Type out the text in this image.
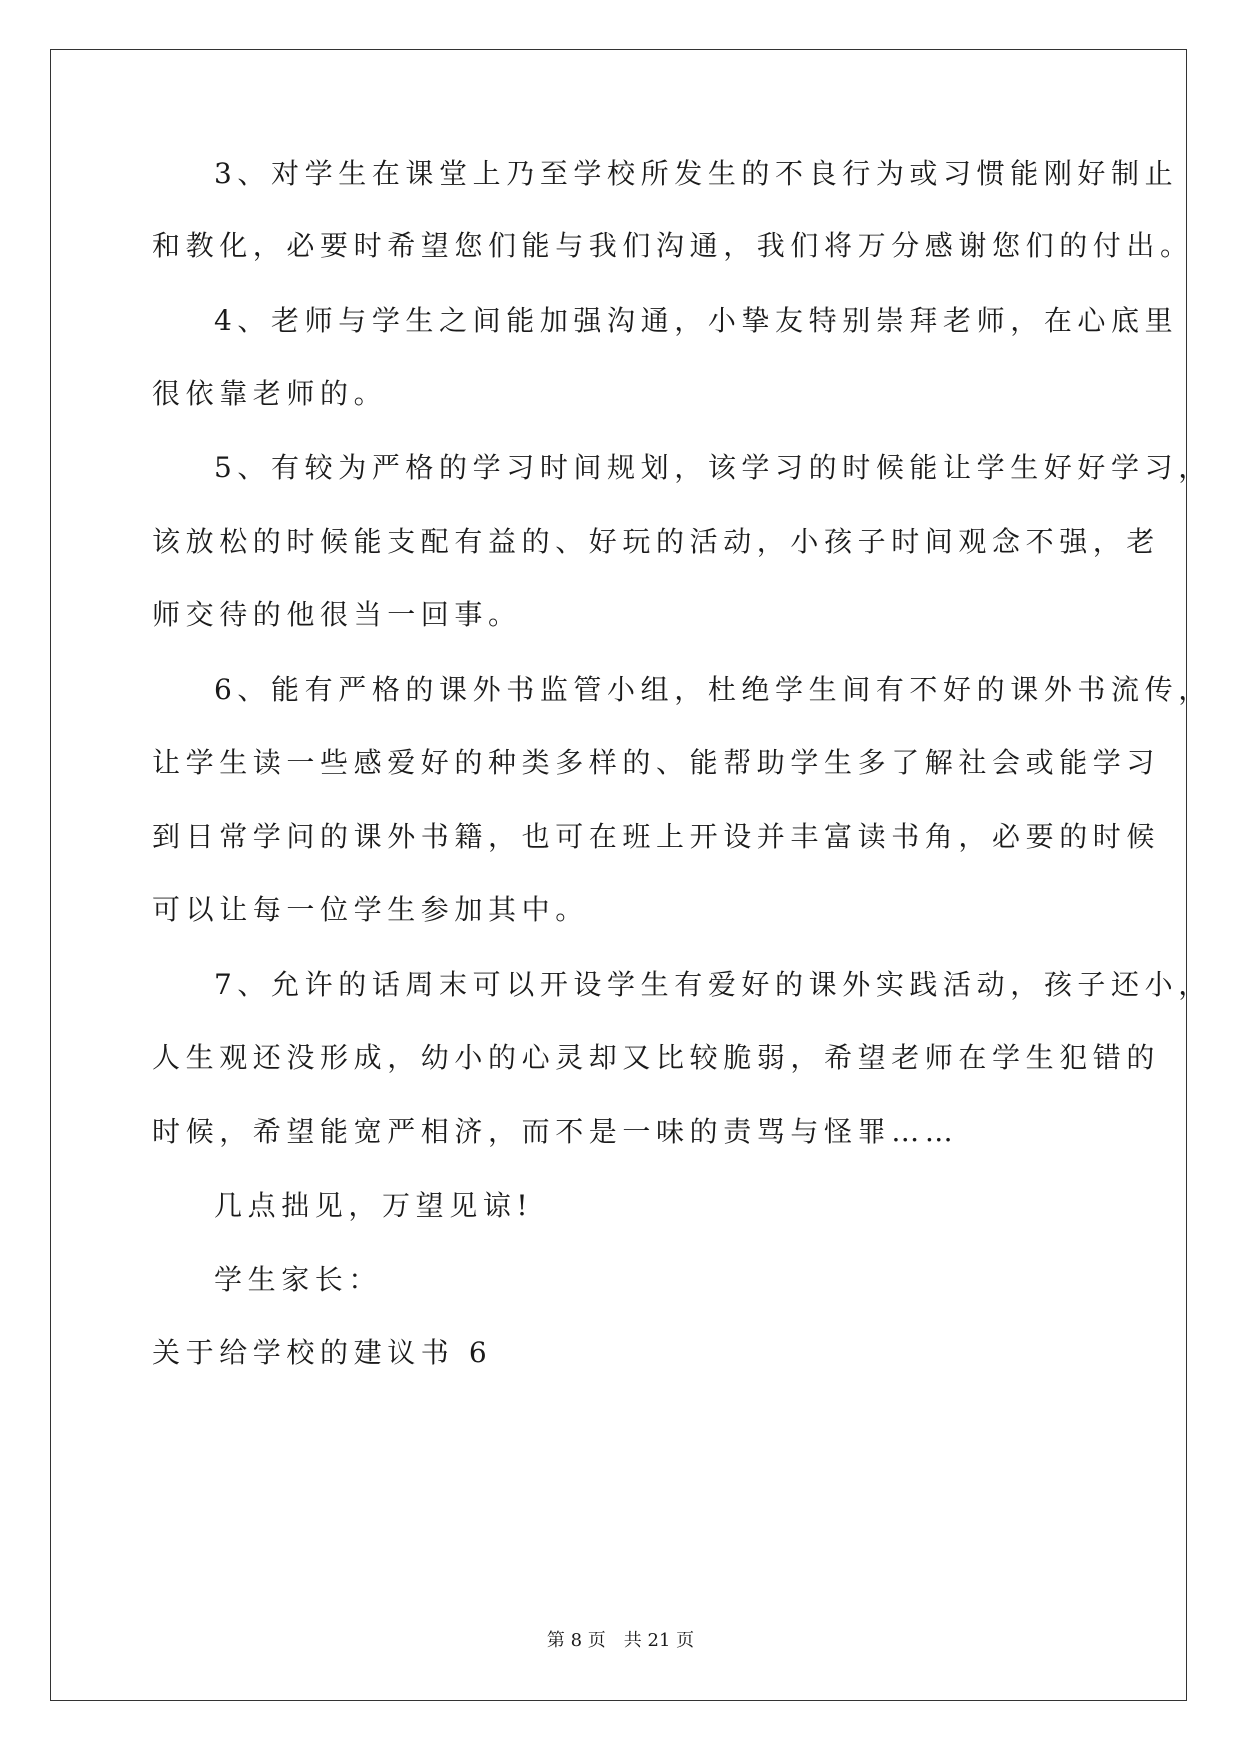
3、对学生在课堂上乃至学校所发生的不良行为或习惯能刚好制止
和教化，必要时希望您们能与我们沟通，我们将万分感谢您们的付出。
4、老师与学生之间能加强沟通，小挚友特别崇拜老师，在心底里
很依靠老师的。
5、有较为严格的学习时间规划，该学习的时候能让学生好好学习，
该放松的时候能支配有益的、好玩的活动，小孩子时间观念不强，老
师交待的他很当一回事。
6、能有严格的课外书监管小组，杜绝学生间有不好的课外书流传，
让学生读一些感爱好的种类多样的、能帮助学生多了解社会或能学习
到日常学问的课外书籍，也可在班上开设并丰富读书角，必要的时候
可以让每一位学生参加其中。
7、允许的话周末可以开设学生有爱好的课外实践活动，孩子还小，
人生观还没形成，幼小的心灵却又比较脆弱，希望老师在学生犯错的
时候，希望能宽严相济，而不是一味的责骂与怪罪……
几点拙见，万望见谅!
学生家长：
关于给学校的建议书 6
第 8 页　共 21 页
